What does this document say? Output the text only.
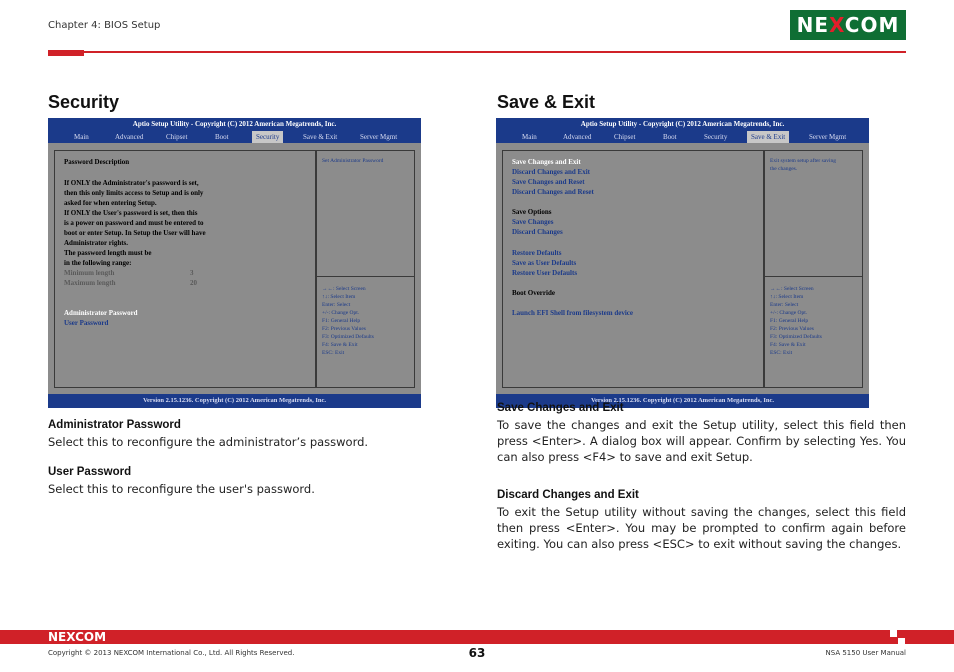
Chapter 4: BIOS Setup	NEXCOM
Security
Aptio Setup Utility - Copyright (C) 2012 American Megatrends, Inc.
Main	Advanced	Chipset	Boot	Security	Save & Exit	Server Mgmt
Password Description
If ONLY the Administrator's password is set,
then this only limits access to Setup and is only
asked for when entering Setup.
If ONLY the User's password is set, then this
is a power on password and must be entered to
boot or enter Setup. In Setup the User will have
Administrator rights.
The password length must be
in the following range:
Minimum length	3
Maximum length	20
Administrator Password
User Password
Set Administrator Password
→←: Select Screen
↑↓: Select Item
Enter: Select
+/-: Change Opt.
F1: General Help
F2: Previous Values
F3: Optimized Defaults
F4: Save & Exit
ESC: Exit
Version 2.15.1236. Copyright (C) 2012 American Megatrends, Inc.
Administrator Password
Select this to reconfigure the administrator’s password.
User Password
Select this to reconfigure the user's password.
Save & Exit
Aptio Setup Utility - Copyright (C) 2012 American Megatrends, Inc.
Main	Advanced	Chipset	Boot	Security	Save & Exit	Server Mgmt
Save Changes and Exit
Discard Changes and Exit
Save Changes and Reset
Discard Changes and Reset
Save Options
Save Changes
Discard Changes
Restore Defaults
Save as User Defaults
Restore User Defaults
Boot Override
Launch EFI Shell from filesystem device
Exit system setup after saving
the changes.
→←: Select Screen
↑↓: Select Item
Enter: Select
+/-: Change Opt.
F1: General Help
F2: Previous Values
F3: Optimized Defaults
F4: Save & Exit
ESC: Exit
Version 2.15.1236. Copyright (C) 2012 American Megatrends, Inc.
Save Changes and Exit
To save the changes and exit the Setup utility, select this field then press <Enter>. A dialog box will appear. Confirm by selecting Yes. You can also press <F4> to save and exit Setup.
Discard Changes and Exit
To exit the Setup utility without saving the changes, select this field then press <Enter>. You may be prompted to confirm again before exiting. You can also press <ESC> to exit without saving the changes.
NEXCOM
63
Copyright © 2013 NEXCOM International Co., Ltd. All Rights Reserved.	NSA 5150 User Manual
